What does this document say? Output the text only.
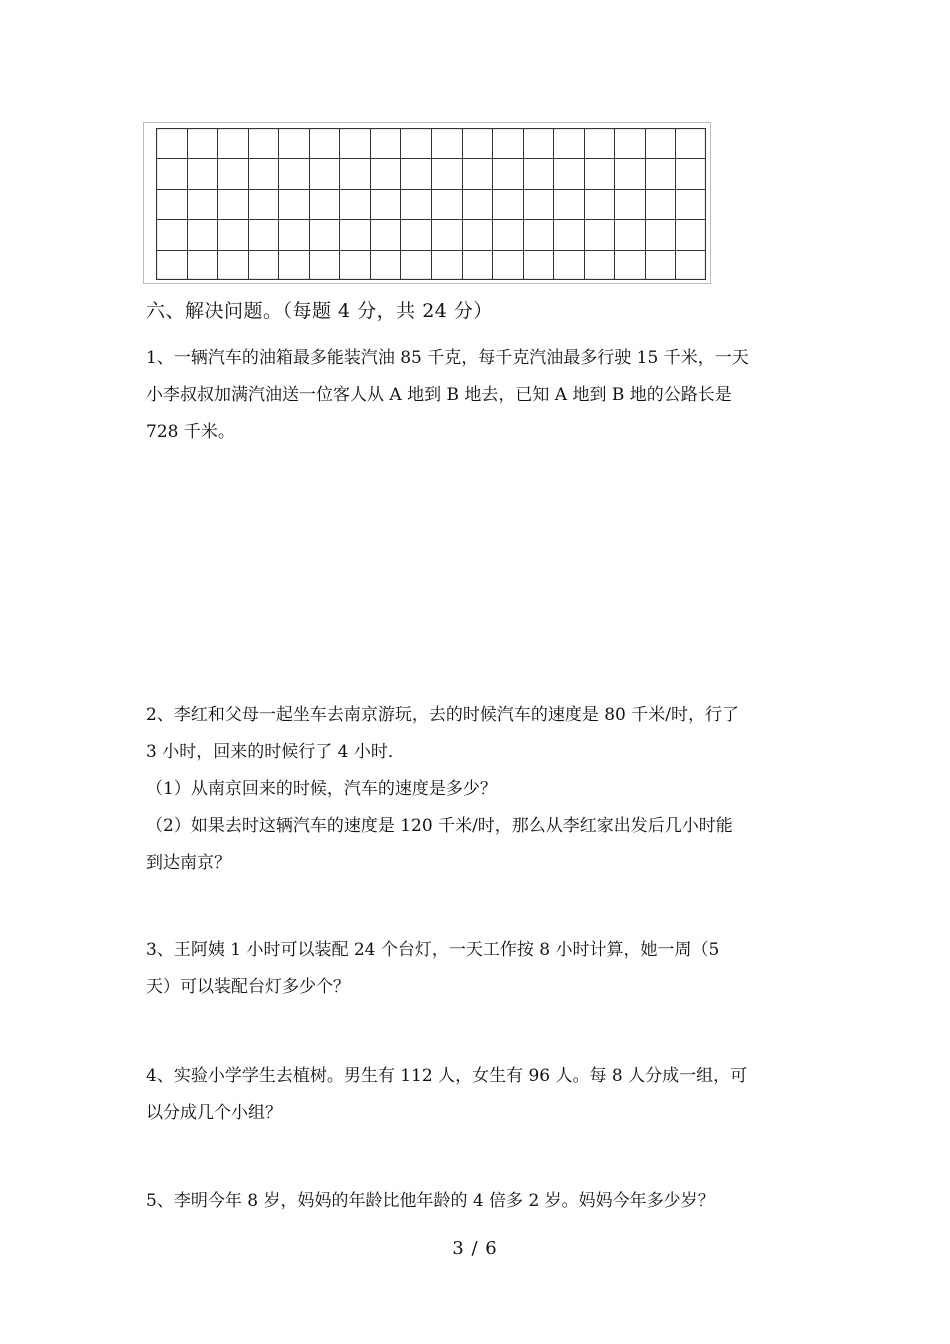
六、解决问题。（每题 4 分，共 24 分）

1、一辆汽车的油箱最多能装汽油 85 千克，每千克汽油最多行驶 15 千米，一天

小李叔叔加满汽油送一位客人从 A 地到 B 地去，已知 A 地到 B 地的公路长是

728 千米。

2、李红和父母一起坐车去南京游玩，去的时候汽车的速度是 80 千米/时，行了

3 小时，回来的时候行了 4 小时．

（1）从南京回来的时候，汽车的速度是多少？

（2）如果去时这辆汽车的速度是 120 千米/时，那么从李红家出发后几小时能

到达南京？

3、王阿姨 1 小时可以装配 24 个台灯，一天工作按 8 小时计算，她一周（5

天）可以装配台灯多少个？

4、实验小学学生去植树。男生有 112 人，女生有 96 人。每 8 人分成一组，可

以分成几个小组？

5、李明今年 8 岁，妈妈的年龄比他年龄的 4 倍多 2 岁。妈妈今年多少岁？

3 / 6
